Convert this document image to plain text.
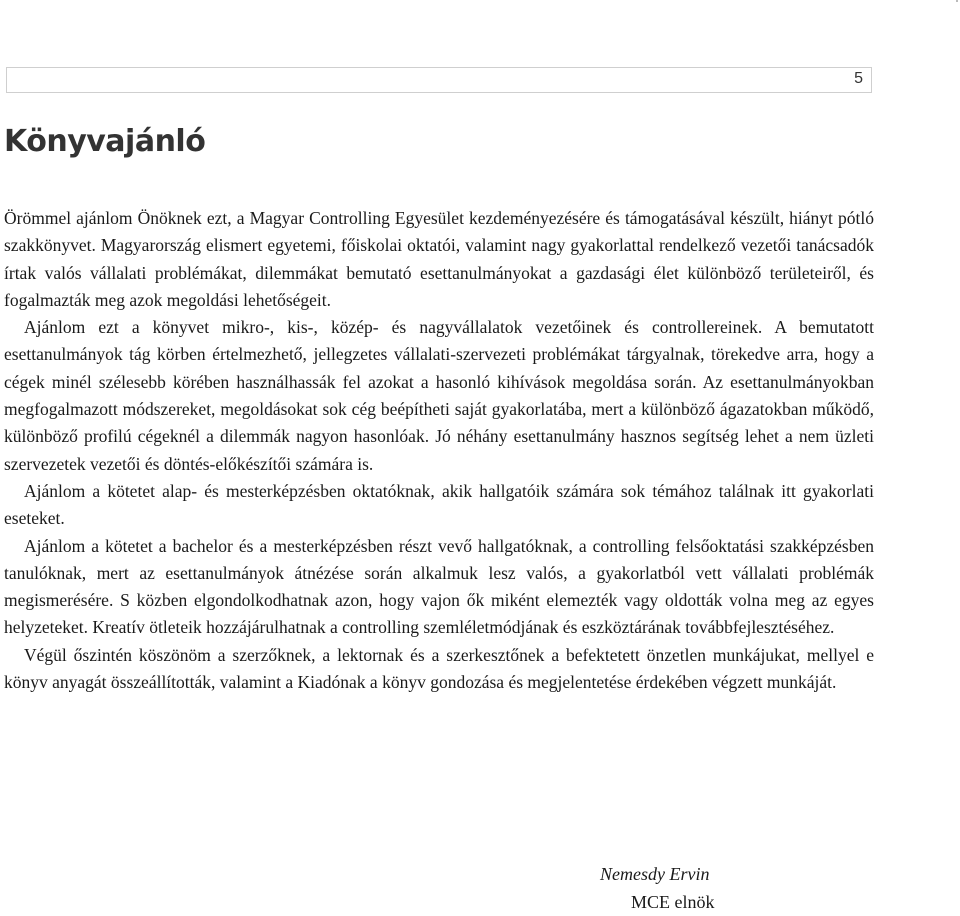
5
Könyvajánló

Örömmel ajánlom Önöknek ezt, a Magyar Controlling Egyesület kezdeményezésére és támogatásával készült, hiányt pótló szakkönyvet. Magyarország elismert egyetemi, főiskolai oktatói, valamint nagy gyakorlattal rendelkező vezetői tanácsadók írtak valós vállalati problémákat, dilemmákat bemutató esettanulmányokat a gazdasági élet különböző területeiről, és fogalmazták meg azok megoldási lehetőségeit.

Ajánlom ezt a könyvet mikro-, kis-, közép- és nagyvállalatok vezetőinek és controllereinek. A bemutatott esettanulmányok tág körben értelmezhető, jellegzetes vállalati-szervezeti problémákat tárgyalnak, törekedve arra, hogy a cégek minél szélesebb körében használhassák fel azokat a hasonló kihívások megoldása során. Az esettanulmányokban megfogalmazott módszereket, megoldásokat sok cég beépítheti saját gyakorlatába, mert a különböző ágazatokban működő, különböző profilú cégeknél a dilemmák nagyon hasonlóak. Jó néhány esettanulmány hasznos segítség lehet a nem üzleti szervezetek vezetői és döntés-előkészítői számára is.

Ajánlom a kötetet alap- és mesterképzésben oktatóknak, akik hallgatóik számára sok témához találnak itt gyakorlati eseteket.

Ajánlom a kötetet a bachelor és a mesterképzésben részt vevő hallgatóknak, a controlling felsőoktatási szakképzésben tanulóknak, mert az esettanulmányok átnézése során alkalmuk lesz valós, a gyakorlatból vett vállalati problémák megismerésére. S közben elgondolkodhatnak azon, hogy vajon ők miként elemezték vagy oldották volna meg az egyes helyzeteket. Kreatív ötleteik hozzájárulhatnak a controlling szemléletmódjának és eszköztárának továbbfejlesztéséhez.

Végül őszintén köszönöm a szerzőknek, a lektornak és a szerkesztőnek a befektetett önzetlen munkájukat, mellyel e könyv anyagát összeállították, valamint a Kiadónak a könyv gondozása és megjelentetése érdekében végzett munkáját.

Nemesdy Ervin
MCE elnök
